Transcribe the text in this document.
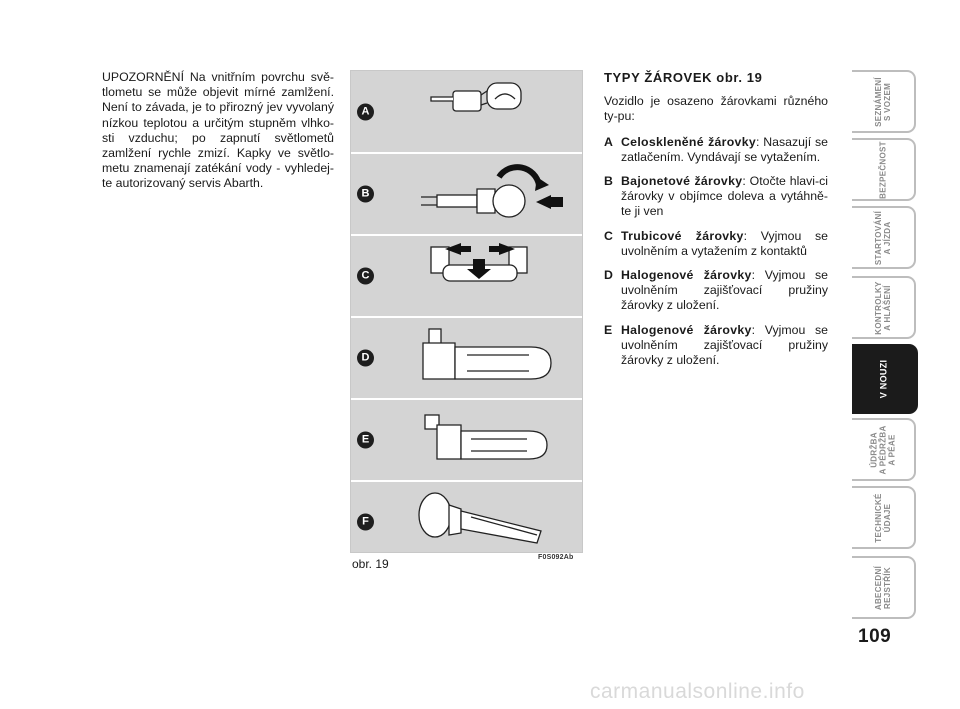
UPOZORNĚNÍ Na vnitřním povrchu svě-tlometu se může objevit mírné zamlžení. Není to závada, je to přirozný jev vyvolaný nízkou teplotou a určitým stupněm vlhko-sti vzduchu; po zapnutí světlometů zamlžení rychle zmizí. Kapky ve světlo-metu znamenají zatékání vody - vyhledej-te autorizovaný servis Abarth.

A
B
C
D
E
F
obr. 19	F0S092Ab
TYPY ŽÁROVEK obr. 19

Vozidlo je osazeno žárovkami různého ty-pu:

A Celoskleněné žárovky: Nasazují se zatlačením. Vyndávají se vytažením.
B Bajonetové žárovky: Otočte hlavi-ci žárovky v objímce doleva a vytáhně-te ji ven
C Trubicové žárovky: Vyjmou se uvolněním a vytažením z kontaktů
D Halogenové žárovky: Vyjmou se uvolněním zajišťovací pružiny žárovky z uložení.
E Halogenové žárovky: Vyjmou se uvolněním zajišťovací pružiny žárovky z uložení.
SEZNÁMENÍ
S VOZEM
BEZPEČNOST
STARTOVÁNÍ
A JÍZDA
KONTROLKY
A HLÁŠENÍ
V NOUZI
ÚDRŽBA
A PÉDRŽBA
A PÉAE
TECHNICKÉ
ÚDAJE
ABECEDNÍ
REJSTŘÍK
109
carmanualsonline.info
